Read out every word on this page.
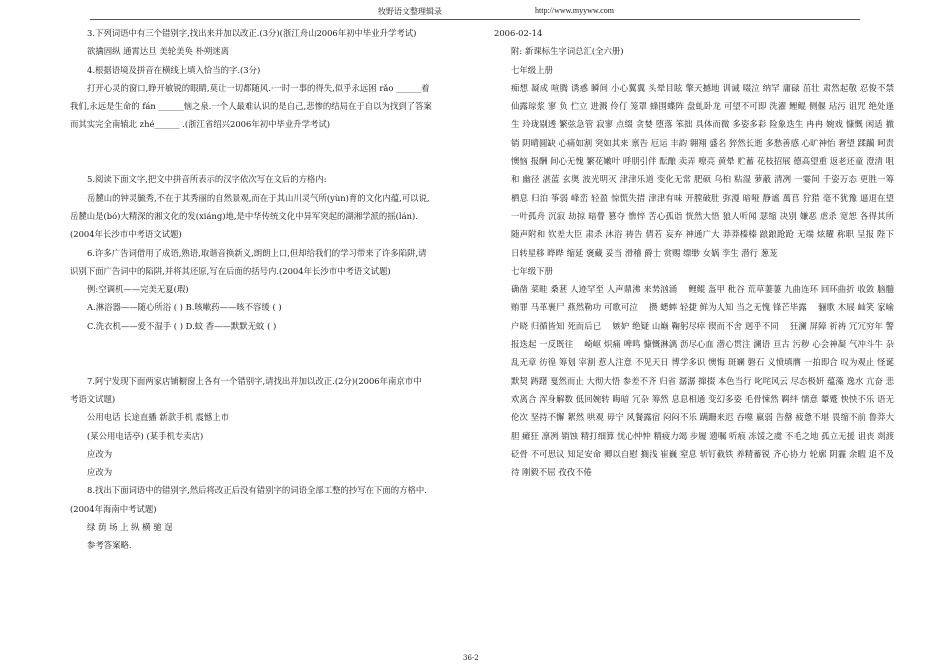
牧野语文整理辑录	http://www.myyww.com

3.下列词语中有三个错别字,找出来并加以改正.(3分)(浙江舟山2006年初中毕业升学考试)

欲擒固纵 通霄达旦 美轮美奂 朴朔迷离

4.根据语境及拼音在横线上填入恰当的字.(3分)

打开心灵的窗口,睁开敏锐的眼睛,莫让一切都随风.·一时一事的得失,似乎永远困 rǎo ______着

我们,永远是生命的 fán ______恼之泉.一个人最难认识的是自己,悲惨的结局在于自以为找到了答案

而其实完全南辕北 zhé______ .(浙江省绍兴2006年初中毕业升学考试)

5.阅读下面文字,把文中拼音所表示的汉字依次写在文后的方格内:

岳麓山的钟灵毓秀,不在于其秀丽的自然景观,而在于其山川灵气所(yùn)育的文化内蕴,可以说,

岳麓山是(bó)大精深的湘文化的发(xiáng)地,是中华传统文化中异军突起的湖湘学派的摇(lán).

(2004年长沙市中考语文试题)

6.许多广告词借用了成语,熟语,取谐音换新义,朗朗上口,但却给我们的学习带来了许多陷阱,请

识别下面广告词中的陷阱,并将其还原,写在后面的括号内.(2004年长沙市中考语文试题)

例:空调机——完美无夏(瑕)

A.淋浴器——随心所浴 ( ) B.咳嗽药——咳不容缓 ( )

C.洗衣机——爱不湿手 ( ) D.蚊 香——默默无蚊 ( )

7.阿宁发现下面两家店铺橱窗上各有一个错别字,请找出并加以改正.(2分)(2006年南京市中

考语文试题)

公用电话 长途直播 新款手机 震憾上市

(某公用电话亭) (某手机专卖店)

应改为

应改为

8.找出下面词语中的错别字,然后将改正后没有错别字的词语全部工整的抄写在下面的方格中.

(2004年海南中考试题)

绿 荫 场 上 纵 横 驰 逞

参考答案略.

2006-02-14

附: 新课标生字词总汇(全六册)

七年级上册

痴想 凝成 喧腾 诱惑 瞬间 小心翼翼 头晕目眩 擎天撼地 训诫 啜泣 纳罕 庸碌 茁壮 肃然起敬 忍俊不禁 仙露琼浆 寥 负 伫立 进溅 伶仃 笼罩 蜂围蝶阵 盘虬卧龙 可望不可即 洗濯 鲤鲲 侧偃 玷污 诅咒 绝处逢生 玲珑剔透 繁弦急管 寂寥 点缀 贪婪 堕落 笨拙 具体而微 多姿多彩 险象迭生 冉冉 婉戏 慷慨 闲适 撤销 阴晴圆缺 心痛如割 突如其来 禀告 厄运 丰韵 翱翔 盛名 猝然长逝 多愁善感 心旷神怡 奢望 蹂躏 呵责 懊恼 报酬 间心无愧 繁花嫩叶 呼朋引伴 酝酿 卖弄 嘹亮 黄晕 贮蓄 花枝招展 德高望重 返老还童 澄清 咀和 幽径 湛蓝 玄奥 波光明灭 津津乐道 变化无常 肥硕 乌桕 粘湿 萝蔽 清冽 一霎间 千姿万态 更胜一筹 栖息 归泊 筝弱 峰峦 轻盈 惊慌失措 津津有味 开膛破肚 弥漫 暗哑 静谧 萬苢 狞猎 毫不犹豫 逼退在望 一叶孤舟 沉寂 劫掠 暗瞢 篡夺 憔悴 苦心孤诣 恍然大悟 狼人听闻 瑟缩 决别 嫌恶 虐杀 宽恕 各得其所 随声附和 钦差大臣 肃杀 沐浴 祷告 倩若 妄弃 神通广大 莽莽榛榛 踉踉跄跄 无端 炫耀 称职 呈报 陛下 日转星移 晔晔 缩延 褒藏 妥当 滑稽 爵士 赏赐 缥缈 女娲 孪生 潜行 葱茏

七年级下册

确凿 菜畦 桑葚 人迹罕至 人声鼎沸 来势汹涌　 鲤鲲 盔甲 秕谷 荒草萋萋 九曲连环 回环曲折 收敛 脑髓 贿罪 马革裹尸 燕然勒功 可歌可泣 　攒 蟋蟀 轻捷 鲜为人知 当之无愧 锋芒毕露 　骊歌 木屐 屾笑 家喻户晓 归循皆知 死而后已 　嫉妒 绝疑 山巅 鞠躬尽瘁 锲而不舍 迥乎不同 　狂澜 屏障 祈祷 冗冗穷年 警报迭起 一反既往 　崎岖 炽痛 啤鸣 慷慨淋漓 沥尽心血 潜心贯注 澜语 亘古 污秽 心会神凝 气冲斗牛 杂乱无章 彷徨 筹划 宰割 惹人注意 不见天日 博学多识 懊悔 斑斓 磐石 义愤填膺 一拍即合 叹为观止 怪诞 默契 踌躇 戛然而止 大彻大悟 参差不齐 归省 潺潺 撺掇 本色当行 叱咤风云 尽态极妍 蕴藻 逸水 亢奋 悲欢离合 浑身解数 低回婉转 晦暗 冗杂 筹然 息息相通 变幻多姿 毛骨悚然 羁绊 懦意 颦蹙 怏怏不乐 语无伦次 坚持不懈 絮然 哄观 毋宁 风餐露宿 闷闷不乐 蹒跚来迟 吞噬 嬴弱 告罄 疲惫不堪 畏缩不前 鲁莽大胆 瘫狂 凛冽 销蚀 精打细算 忧心忡忡 精疲力竭 步履 遗嘱 听痕 冻馁之虞 不毛之地 孤立无援 诅丧 剡渡 砭骨 不可思议 知足安命 卿以自慰 搁浅 崔巍 窒息 斩钉截铁 养精蓄锐 齐心协力 轮廓 阴霾 余暇 追不及待 刚毅不屈 孜孜不倦

36-2
